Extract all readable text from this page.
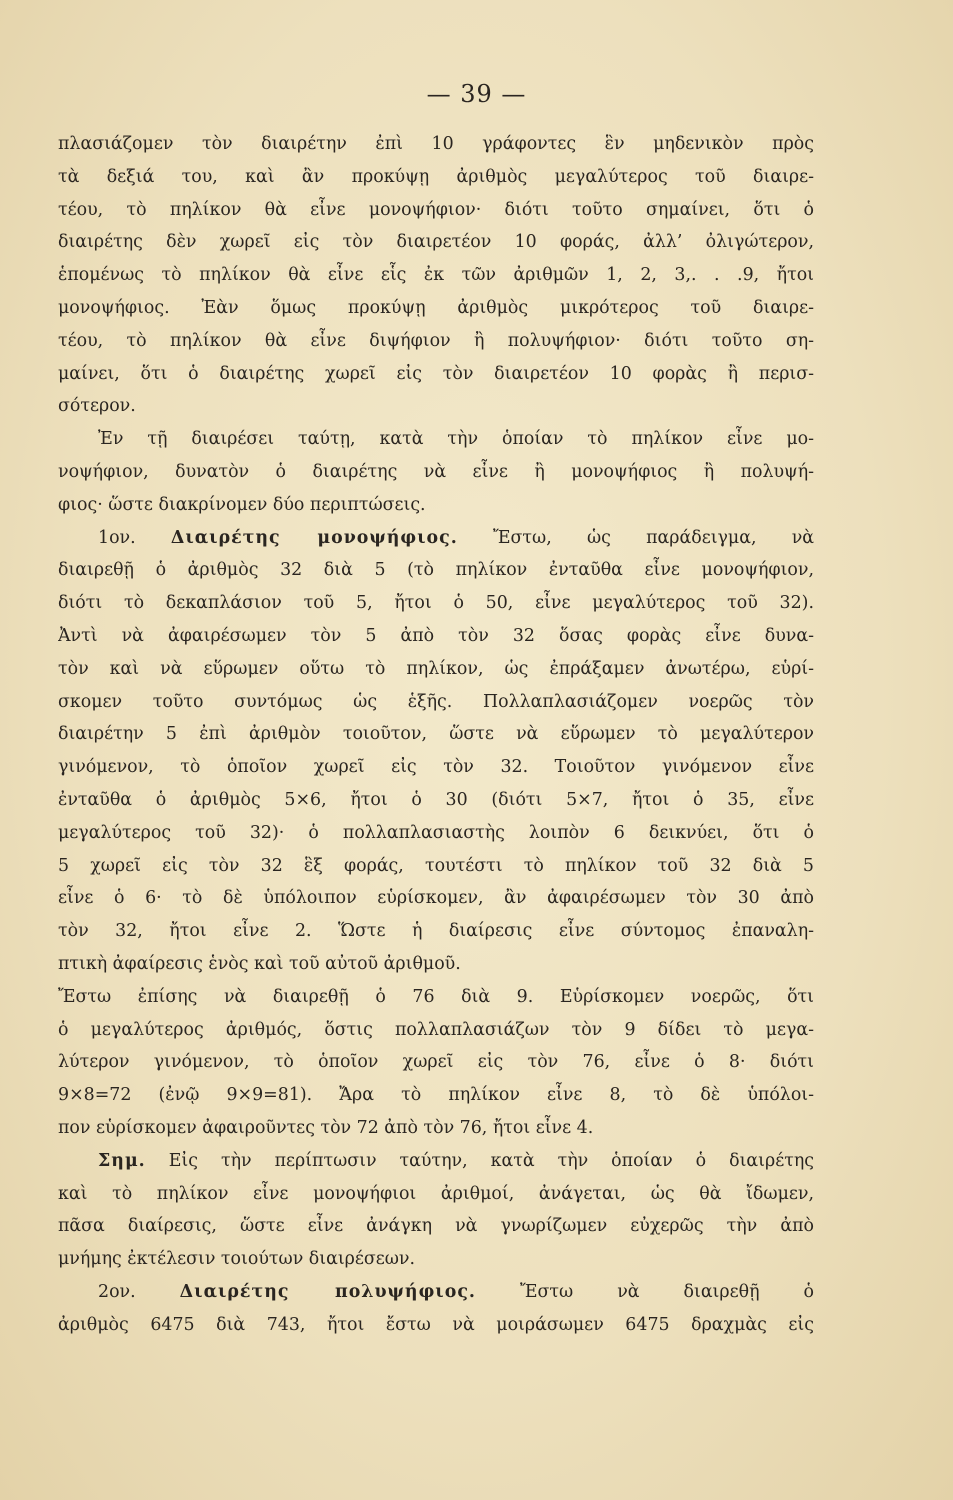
— 39 —
πλασιάζομεν τὸν διαιρέτην ἐπὶ 10 γράφοντες ἓν μηδενικὸν πρὸς
τὰ δεξιά του, καὶ ἂν προκύψῃ ἀριθμὸς μεγαλύτερος τοῦ διαιρε-
τέου, τὸ πηλίκον θὰ εἶνε μονοψήφιον· διότι τοῦτο σημαίνει, ὅτι ὁ
διαιρέτης δὲν χωρεῖ εἰς τὸν διαιρετέον 10 φοράς, ἀλλ’ ὀλιγώτερον,
ἑπομένως τὸ πηλίκον θὰ εἶνε εἷς ἐκ τῶν ἀριθμῶν 1, 2, 3,. . .9, ἤτοι
μονοψήφιος. Ἐὰν ὅμως προκύψῃ ἀριθμὸς μικρότερος τοῦ διαιρε-
τέου, τὸ πηλίκον θὰ εἶνε διψήφιον ἢ πολυψήφιον· διότι τοῦτο ση-
μαίνει, ὅτι ὁ διαιρέτης χωρεῖ εἰς τὸν διαιρετέον 10 φορὰς ἢ περισ-
σότερον.
Ἐν τῇ διαιρέσει ταύτῃ, κατὰ τὴν ὁποίαν τὸ πηλίκον εἶνε μο-
νοψήφιον, δυνατὸν ὁ διαιρέτης νὰ εἶνε ἢ μονοψήφιος ἢ πολυψή-
φιος· ὥστε διακρίνομεν δύο περιπτώσεις.
1ον. Διαιρέτης μονοψήφιος. Ἔστω, ὡς παράδειγμα, νὰ
διαιρεθῇ ὁ ἀριθμὸς 32 διὰ 5 (τὸ πηλίκον ἐνταῦθα εἶνε μονοψήφιον,
διότι τὸ δεκαπλάσιον τοῦ 5, ἤτοι ὁ 50, εἶνε μεγαλύτερος τοῦ 32).
Ἀντὶ νὰ ἀφαιρέσωμεν τὸν 5 ἀπὸ τὸν 32 ὅσας φορὰς εἶνε δυνα-
τὸν καὶ νὰ εὕρωμεν οὕτω τὸ πηλίκον, ὡς ἐπράξαμεν ἀνωτέρω, εὑρί-
σκομεν τοῦτο συντόμως ὡς ἑξῆς. Πολλαπλασιάζομεν νοερῶς τὸν
διαιρέτην 5 ἐπὶ ἀριθμὸν τοιοῦτον, ὥστε νὰ εὕρωμεν τὸ μεγαλύτερον
γινόμενον, τὸ ὁποῖον χωρεῖ εἰς τὸν 32. Τοιοῦτον γινόμενον εἶνε
ἐνταῦθα ὁ ἀριθμὸς 5×6, ἤτοι ὁ 30 (διότι 5×7, ἤτοι ὁ 35, εἶνε
μεγαλύτερος τοῦ 32)· ὁ πολλαπλασιαστὴς λοιπὸν 6 δεικνύει, ὅτι ὁ
5 χωρεῖ εἰς τὸν 32 ἓξ φοράς, τουτέστι τὸ πηλίκον τοῦ 32 διὰ 5
εἶνε ὁ 6· τὸ δὲ ὑπόλοιπον εὑρίσκομεν, ἂν ἀφαιρέσωμεν τὸν 30 ἀπὸ
τὸν 32, ἤτοι εἶνε 2. Ὥστε ἡ διαίρεσις εἶνε σύντομος ἐπαναλη-
πτικὴ ἀφαίρεσις ἑνὸς καὶ τοῦ αὐτοῦ ἀριθμοῦ.
Ἔστω ἐπίσης νὰ διαιρεθῇ ὁ 76 διὰ 9. Εὑρίσκομεν νοερῶς, ὅτι
ὁ μεγαλύτερος ἀριθμός, ὅστις πολλαπλασιάζων τὸν 9 δίδει τὸ μεγα-
λύτερον γινόμενον, τὸ ὁποῖον χωρεῖ εἰς τὸν 76, εἶνε ὁ 8· διότι
9×8=72 (ἐνῷ 9×9=81). Ἄρα τὸ πηλίκον εἶνε 8, τὸ δὲ ὑπόλοι-
πον εὑρίσκομεν ἀφαιροῦντες τὸν 72 ἀπὸ τὸν 76, ἤτοι εἶνε 4.
Σημ. Εἰς τὴν περίπτωσιν ταύτην, κατὰ τὴν ὁποίαν ὁ διαιρέτης
καὶ τὸ πηλίκον εἶνε μονοψήφιοι ἀριθμοί, ἀνάγεται, ὡς θὰ ἴδωμεν,
πᾶσα διαίρεσις, ὥστε εἶνε ἀνάγκη νὰ γνωρίζωμεν εὐχερῶς τὴν ἀπὸ
μνήμης ἐκτέλεσιν τοιούτων διαιρέσεων.
2ον.	Διαιρέτης πολυψήφιος.	Ἔστω νὰ διαιρεθῇ ὁ
ἀριθμὸς 6475 διὰ 743, ἤτοι ἔστω νὰ μοιράσωμεν 6475 δραχμὰς εἰς
